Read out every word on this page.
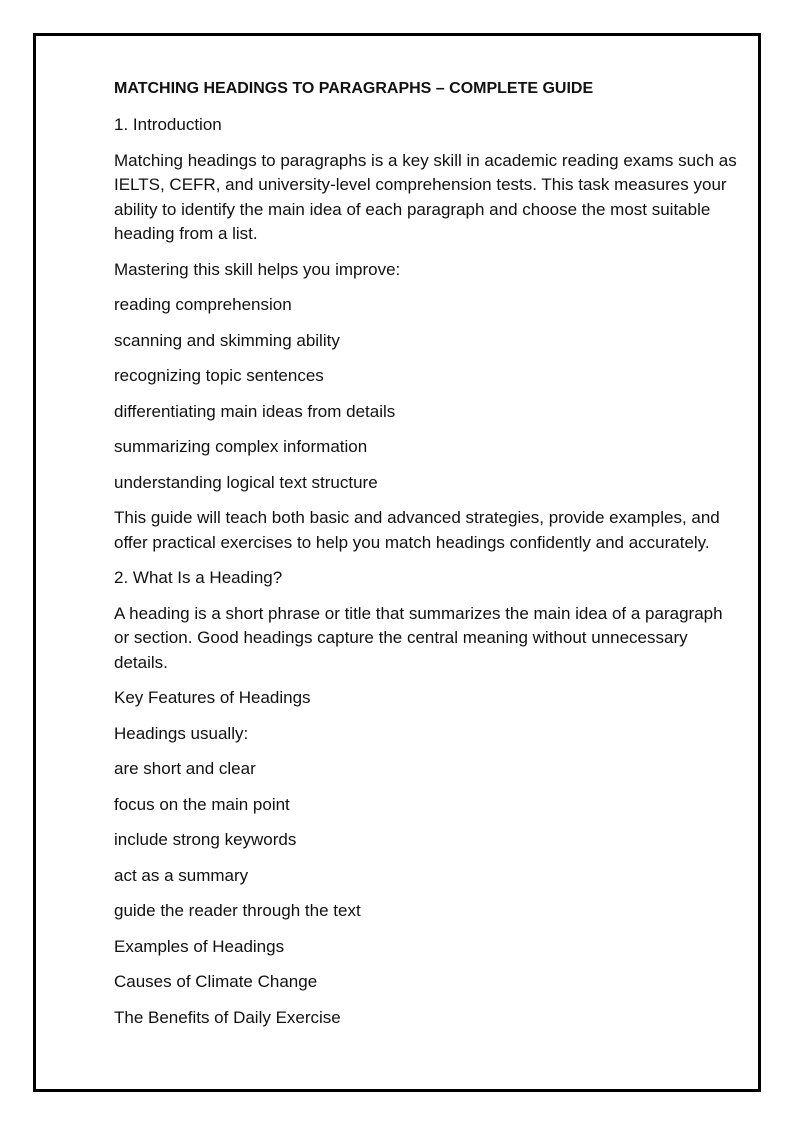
MATCHING HEADINGS TO PARAGRAPHS – COMPLETE GUIDE
1. Introduction
Matching headings to paragraphs is a key skill in academic reading exams such as IELTS, CEFR, and university-level comprehension tests. This task measures your ability to identify the main idea of each paragraph and choose the most suitable heading from a list.
Mastering this skill helps you improve:
reading comprehension
scanning and skimming ability
recognizing topic sentences
differentiating main ideas from details
summarizing complex information
understanding logical text structure
This guide will teach both basic and advanced strategies, provide examples, and offer practical exercises to help you match headings confidently and accurately.
2. What Is a Heading?
A heading is a short phrase or title that summarizes the main idea of a paragraph or section. Good headings capture the central meaning without unnecessary details.
Key Features of Headings
Headings usually:
are short and clear
focus on the main point
include strong keywords
act as a summary
guide the reader through the text
Examples of Headings
Causes of Climate Change
The Benefits of Daily Exercise
